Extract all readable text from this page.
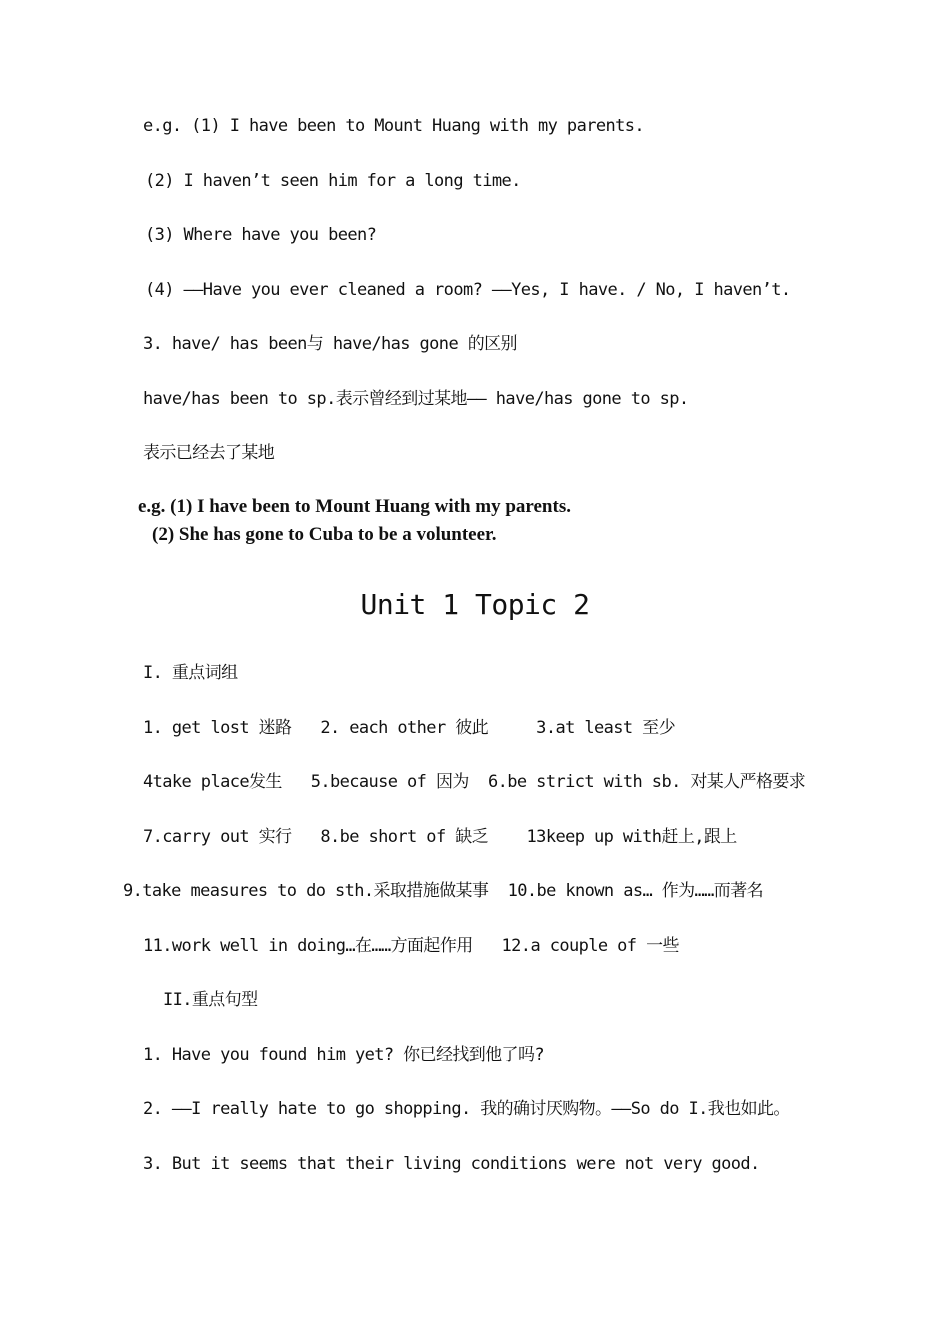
e.g. (1) I have been to Mount Huang with my parents.
(2) I haven’t seen him for a long time.
(3) Where have you been?
(4) ——Have you ever cleaned a room? ——Yes, I have. / No, I haven’t.
3. have/ has been与 have/has gone 的区别
have/has been to sp.表示曾经到过某地—— have/has gone to sp.
表示已经去了某地
e.g. (1) I have been to Mount Huang with my parents.
(2) She has gone to Cuba to be a volunteer.
Unit 1 Topic 2
I. 重点词组
1. get lost 迷路   2. each other 彼此     3.at least 至少
4take place发生   5.because of 因为  6.be strict with sb. 对某人严格要求
7.carry out 实行   8.be short of 缺乏    13keep up with赶上,跟上
9.take measures to do sth.采取措施做某事  10.be known as… 作为……而著名
11.work well in doing…在……方面起作用   12.a couple of 一些
II.重点句型
1. Have you found him yet? 你已经找到他了吗?
2. ——I really hate to go shopping. 我的确讨厌购物。——So do I.我也如此。
3. But it seems that their living conditions were not very good.
